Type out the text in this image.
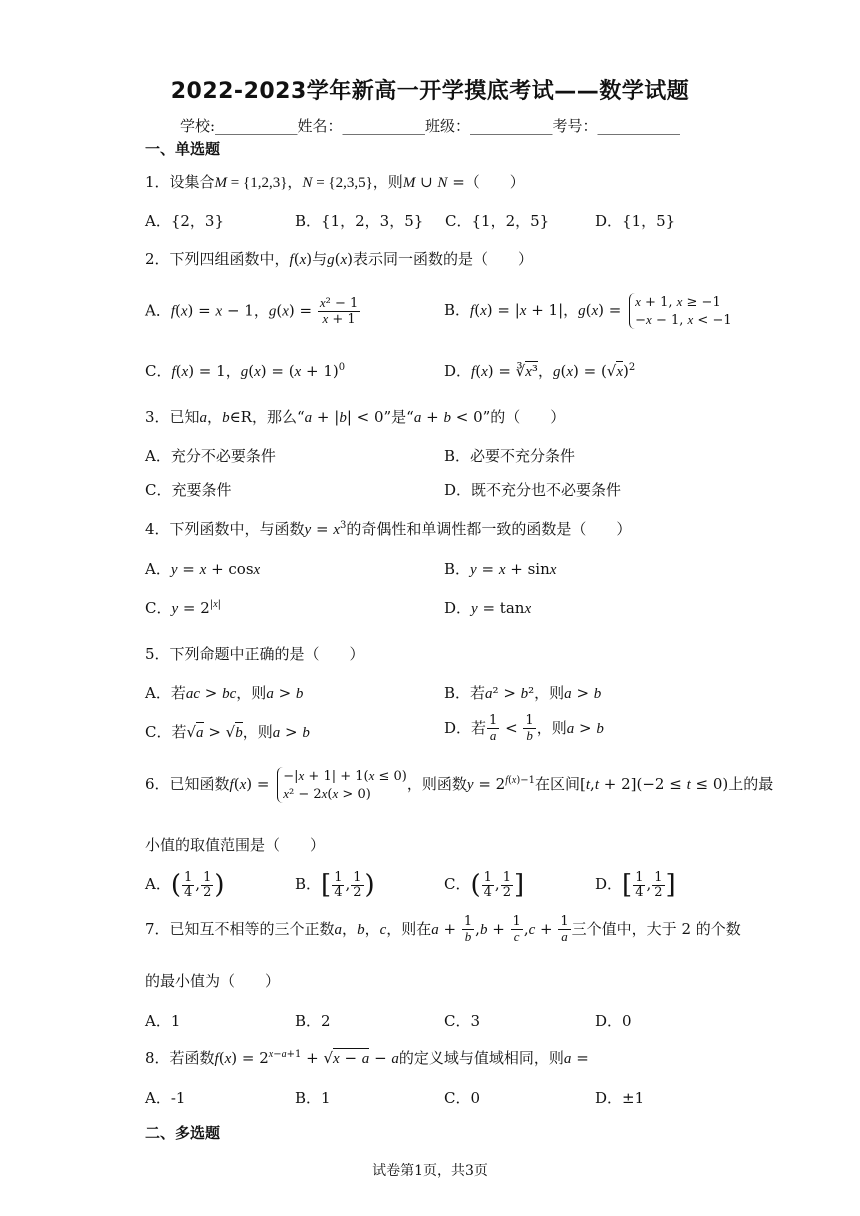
2022-2023学年新高一开学摸底考试——数学试题
学校:___________姓名：___________班级：___________考号：___________
一、单选题
1．设集合M = {1,2,3}，N = {2,3,5}，则M ∪ N =（　　）
A．{2，3}	B．{1，2，3，5} C．{1，2，5}	D．{1，5}
2．下列四组函数中，f(x)与g(x)表示同一函数的是（　　）
A．f(x) = x − 1，$g(x) = \frac{\text{x² − 1}}{x + 1}$	B．f(x) = |x + 1|，g(x) = x + 1, x ≥ −1
−x − 1, x < −1
C．f(x) = 1，$g(x) = (x + 1)^0$	D．f(x) = ∛x³，$g(x) = (√x)^2$
3．已知a，b∈R，那么“a + |b| < 0”是“a + b < 0”的（　　）
A．充分不必要条件	B．必要不充分条件
C．充要条件	D．既不充分也不必要条件
4．下列函数中，与函数$y = x^3$的奇偶性和单调性都一致的函数是（　　）
A．y = x + cosx	B．y = x + sinx
C．$y = 2^{|x|}$	D．y = tanx
5．下列命题中正确的是（　　）
A．若ac > bc，则a > b	B．若a² > b²，则a > b
C．若√a > √b，则a > b	D．若 $\frac{1}{a} < \frac{1}{b}$ ，则a > b
6．已知函数f(x) = −|x + 1| + 1(x ≤ 0)
x² − 2x(x > 0)，则函数$y = 2^{f(x)-1}$在区间[t,t + 2](−2 ≤ t ≤ 0)上的最
小值的取值范围是（　　）
A．( $\frac{1}{4}$ , $\frac{1}{2}$ )	B．[ $\frac{1}{4}$ , $\frac{1}{2}$ )	C．( $\frac{1}{4}$ , $\frac{1}{2}$ ]	D．[ $\frac{1}{4}$ , $\frac{1}{2}$ ]
7．已知互不相等的三个正数a，b，c，则在$a + \frac{1}{b} ,b + \frac{1}{c} ,c + \frac{1}{a}$ 三个值中，大于 2 的个数
的最小值为（　　）
A．1	B．2	C．3	D．0
8．若函数$f(x) = 2^{x-a+1} + √x - a - a$的定义域与值域相同，则a =
A．-1	B．1	C．0	D．±1
二、多选题
试卷第1页，共3页
